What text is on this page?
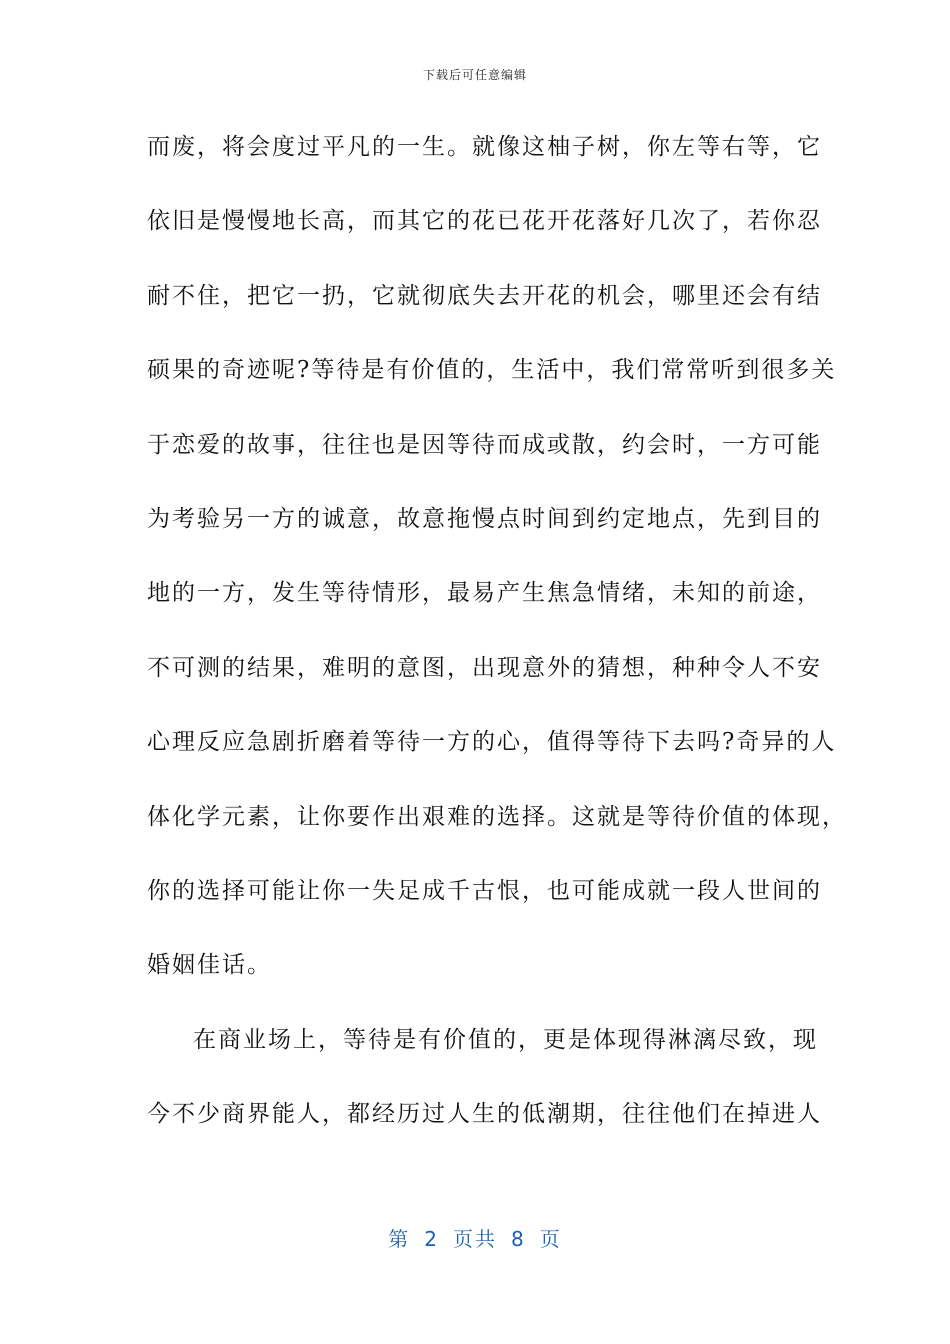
下载后可任意编辑
而废，将会度过平凡的一生。就像这柚子树，你左等右等，它
依旧是慢慢地长高，而其它的花已花开花落好几次了，若你忍
耐不住，把它一扔，它就彻底失去开花的机会，哪里还会有结
硕果的奇迹呢?等待是有价值的，生活中，我们常常听到很多关
于恋爱的故事，往往也是因等待而成或散，约会时，一方可能
为考验另一方的诚意，故意拖慢点时间到约定地点，先到目的
地的一方，发生等待情形，最易产生焦急情绪，未知的前途，
不可测的结果，难明的意图，出现意外的猜想，种种令人不安
心理反应急剧折磨着等待一方的心，值得等待下去吗?奇异的人
体化学元素，让你要作出艰难的选择。这就是等待价值的体现，
你的选择可能让你一失足成千古恨，也可能成就一段人世间的
婚姻佳话。
在商业场上，等待是有价值的，更是体现得淋漓尽致，现
今不少商界能人，都经历过人生的低潮期，往往他们在掉进人
第 2 页共 8 页
